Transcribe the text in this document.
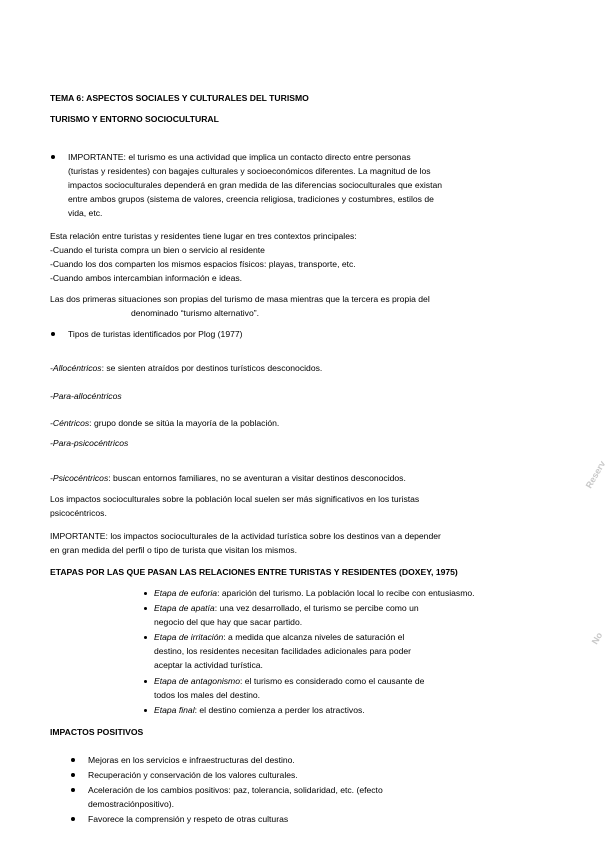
TEMA 6: ASPECTOS SOCIALES Y CULTURALES DEL TURISMO
TURISMO Y ENTORNO SOCIOCULTURAL
IMPORTANTE: el turismo es una actividad que implica un contacto directo entre personas
(turistas y residentes) con bagajes culturales y socioeconómicos diferentes. La magnitud de los
impactos socioculturales dependerá en gran medida de las diferencias socioculturales que existan
entre ambos grupos (sistema de valores, creencia religiosa, tradiciones y costumbres, estilos de
vida, etc.
Esta relación entre turistas y residentes tiene lugar en tres contextos principales:
-Cuando el turista compra un bien o servicio al residente
-Cuando los dos comparten los mismos espacios físicos: playas, transporte, etc.
-Cuando ambos intercambian información e ideas.
Las dos primeras situaciones son propias del turismo de masa mientras que la tercera es propia del
denominado “turismo alternativo”.
Tipos de turistas identificados por Plog (1977)
-Allocéntricos: se sienten atraídos por destinos turísticos desconocidos.
-Para-allocéntricos
-Céntricos: grupo donde se sitúa la mayoría de la población.
-Para-psicocéntricos
-Psicocéntricos: buscan entornos familiares, no se aventuran a visitar destinos desconocidos.
Los impactos socioculturales sobre la población local suelen ser más significativos en los turistas
psicocéntricos.
IMPORTANTE: los impactos socioculturales de la actividad turística sobre los destinos van a depender
en gran medida del perfil o tipo de turista que visitan los mismos.
ETAPAS POR LAS QUE PASAN LAS RELACIONES ENTRE TURISTAS Y RESIDENTES (DOXEY, 1975)
Etapa de euforia: aparición del turismo. La población local lo recibe con entusiasmo.
Etapa de apatía: una vez desarrollado, el turismo se percibe como un
negocio del que hay que sacar partido.
Etapa de irritación: a medida que alcanza niveles de saturación el
destino, los residentes necesitan facilidades adicionales para poder
aceptar la actividad turística.
Etapa de antagonismo: el turismo es considerado como el causante de
todos los males del destino.
Etapa final: el destino comienza a perder los atractivos.
IMPACTOS POSITIVOS
Mejoras en los servicios e infraestructuras del destino.
Recuperación y conservación de los valores culturales.
Aceleración de los cambios positivos: paz, tolerancia, solidaridad, etc. (efecto
demostraciónpositivo).
Favorece la comprensión y respeto de otras culturas
Reserv
No
